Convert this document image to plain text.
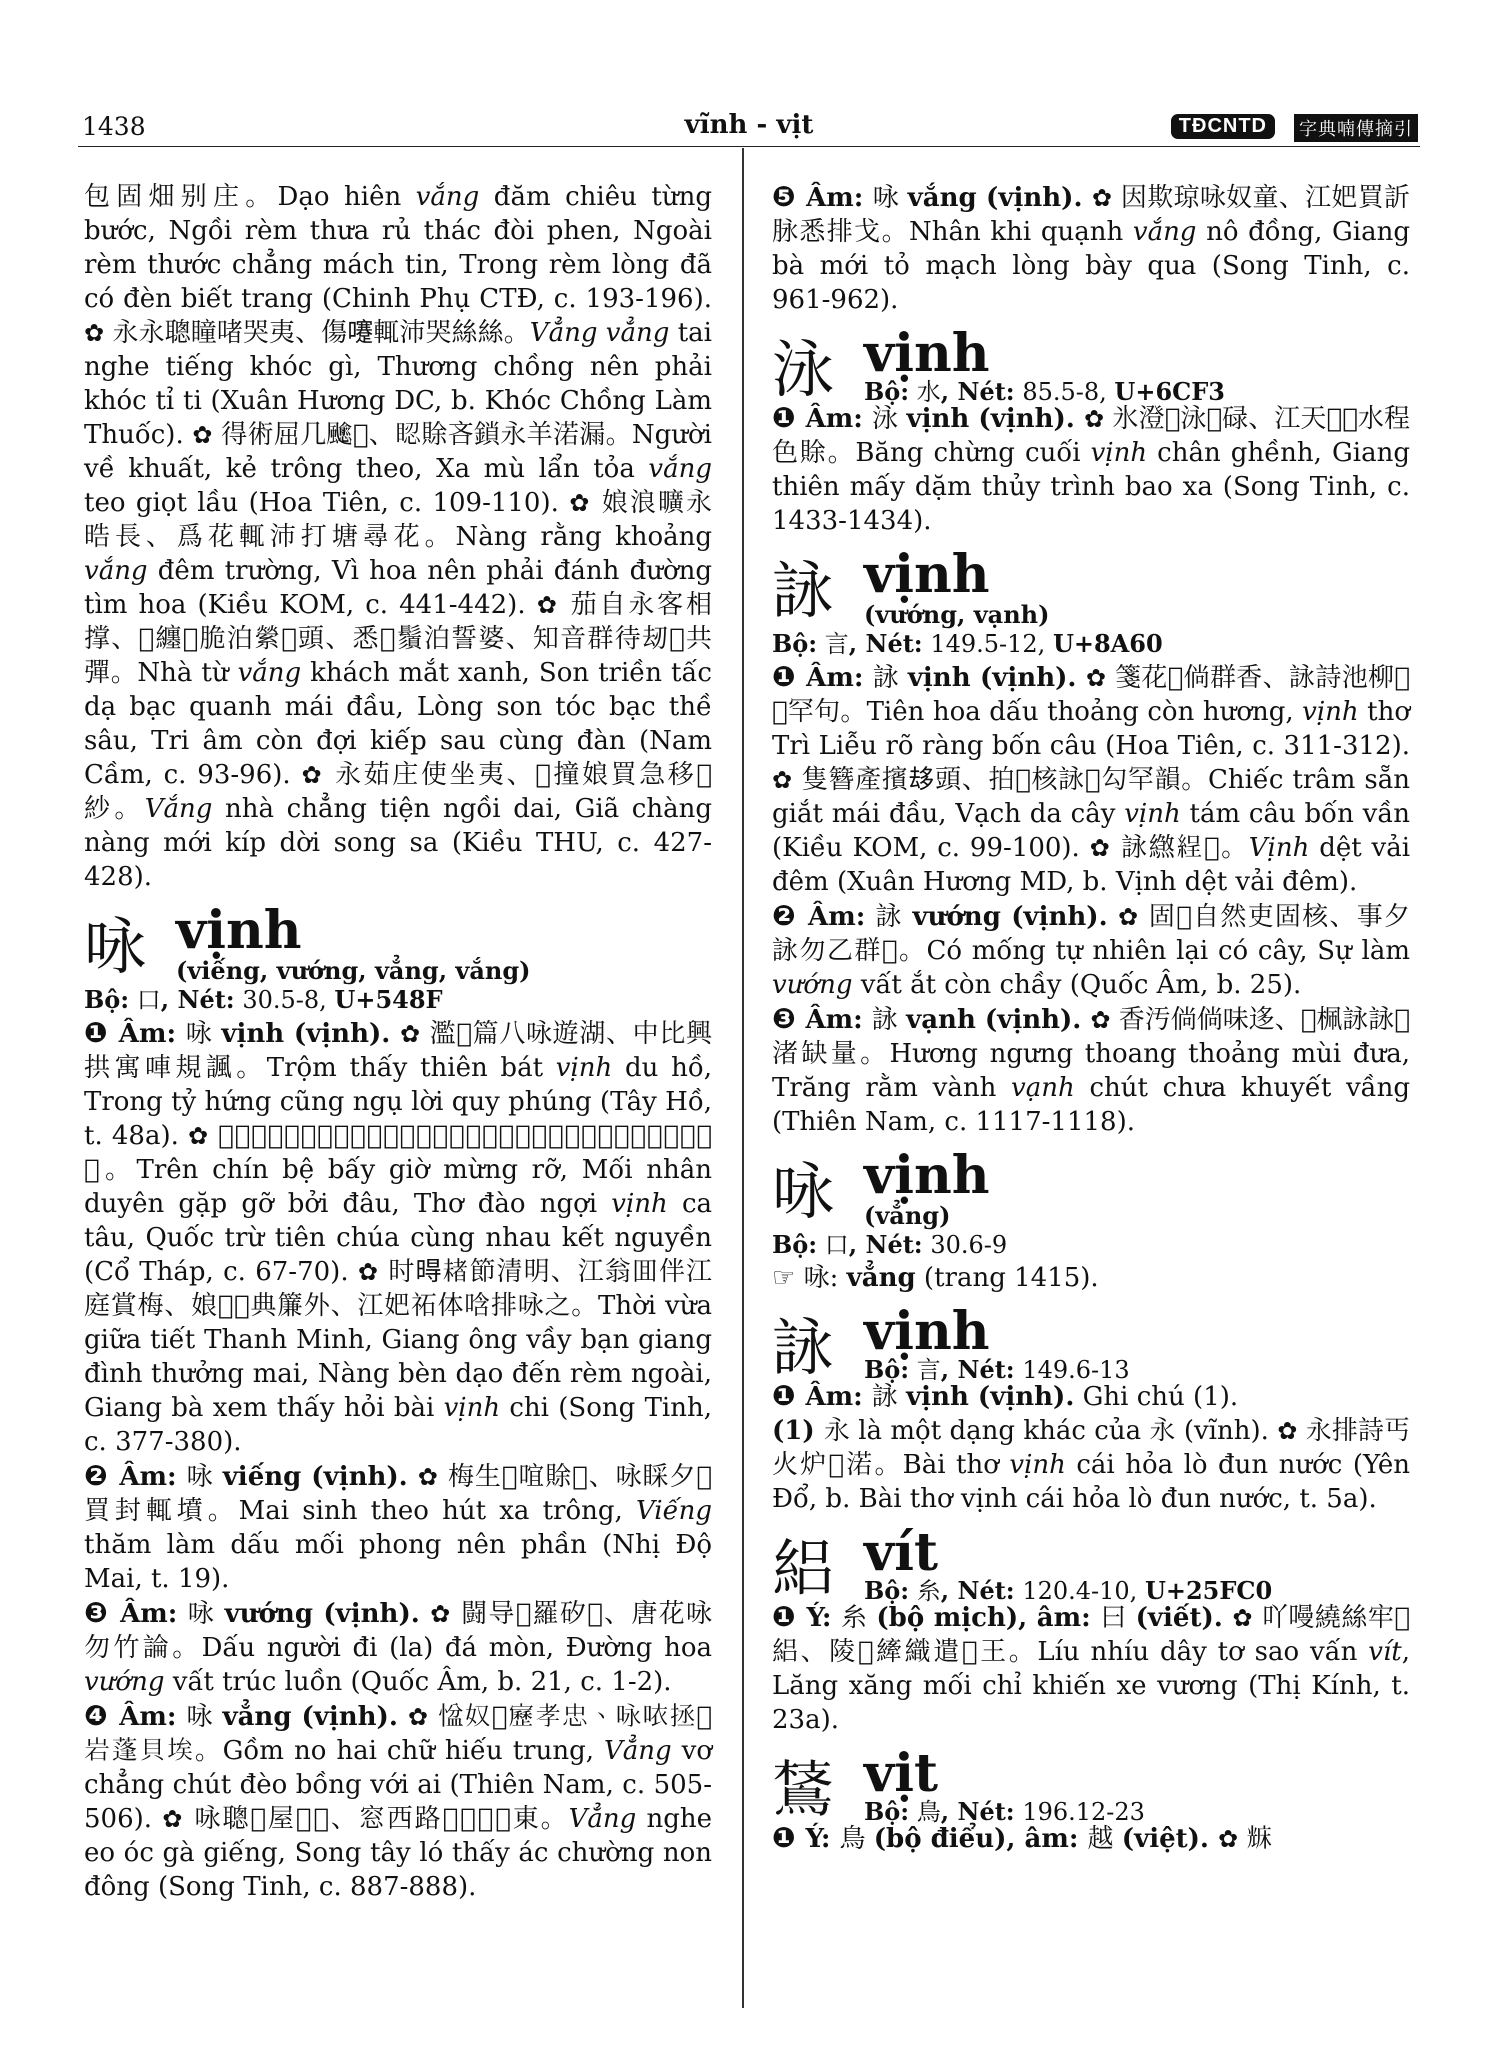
1438	vĩnh - vịt	TĐCNTD	字典喃傳摘引

包固畑别庄。Dạo hiên vắng đăm chiêu từng bước, Ngồi rèm thưa rủ thác đòi phen, Ngoài rèm thước chẳng mách tin, Trong rèm lòng đã có đèn biết trang (Chinh Phụ CTĐ, c. 193-196). ✿ 永永聰瞳啫哭夷、傷𡄓輒沛哭絲絲。Vẳng vẳng tai nghe tiếng khóc gì, Thương chồng nên phải khóc tỉ ti (Xuân Hương DC, b. Khóc Chồng Làm Thuốc). ✿ 得術屈几𩙍𨇒、𥆾賖吝鎖永羊渃漏。Người về khuất, kẻ trông theo, Xa mù lẩn tỏa vắng teo giọt lầu (Hoa Tiên, c. 109-110). ✿ 娘浪曠永晧長、爲花輒沛打塘尋花。Nàng rằng khoảng vắng đêm trường, Vì hoa nên phải đánh đường tìm hoa (Kiều KOM, c. 441-442). ✿ 茄自永客相撑、𡎝纏𤽸脆泊縈𠫾頭、悉𡎝鬚泊誓婆、知音群待刼𨍦共彈。Nhà từ vắng khách mắt xanh, Son triền tấc dạ bạc quanh mái đầu, Lòng son tóc bạc thề sâu, Tri âm còn đợi kiếp sau cùng đàn (Nam Cầm, c. 93-96). ✿ 永茹庄使坐夷、𠹾撞娘買急移𢭂紗。Vắng nhà chẳng tiện ngồi dai, Giã chàng nàng mới kíp dời song sa (Kiều THU, c. 427-428).

咏 vịnh
(viếng, vướng, vẳng, vắng)
Bộ: 口, Nét: 30.5-8, U+548F

❶ Âm: 咏 vịnh (vịnh). ✿ 濫𧡊篇八咏遊湖、中比興拱寓唓規諷。Trộm thấy thiên bát vịnh du hồ, Trong tỷ hứng cũng ngụ lời quy phúng (Tây Hồ, t. 48a). ✿ 𨖅𧞾陛閉除𢜠吕、緣姻緣及择𡎥𡎥、詩桃𧿨咏歌奏、國儲仙主共饒结願。Trên chín bệ bấy giờ mừng rỡ, Mối nhân duyên gặp gỡ bởi đâu, Thơ đào ngợi vịnh ca tâu, Quốc trừ tiên chúa cùng nhau kết nguyền (Cổ Tháp, c. 67-70). ✿ 时𣈜𣗓節清明、江翁囬伴江庭賞梅、娘𠁑𨀈典簾外、江妑祏体唅排咏之。Thời vừa giữa tiết Thanh Minh, Giang ông vầy bạn giang đình thưởng mai, Nàng bèn dạo đến rèm ngoài, Giang bà xem thấy hỏi bài vịnh chi (Song Tinh, c. 377-380).

❷ Âm: 咏 viếng (vịnh). ✿ 梅生𨇒𠵌賖𨇒、咏睬夕𨀈買封輒墳。Mai sinh theo hút xa trông, Viếng thăm làm dấu mối phong nên phần (Nhị Độ Mai, t. 19).

❸ Âm: 咏 vướng (vịnh). ✿ 闘导𢬣羅矽𤵺、唐花咏勿竹論。Dấu người đi (la) đá mòn, Đường hoa vướng vất trúc luồn (Quốc Âm, b. 21, c. 1-2).

❹ Âm: 咏 vẳng (vịnh). ✿ 𢞂奴𦓡𡫯孝忠、咏𠲖拯𡾵岩蓬貝埃。Gồm no hai chữ hiếu trung, Vẳng vơ chẳng chút đèo bồng với ai (Thiên Nam, c. 505-506). ✿ 咏聰𡗶屋𪃿𠊛、窓西路𧡊𪃿𡳵𡌿東。Vẳng nghe eo óc gà giếng, Song tây ló thấy ác chường non đông (Song Tinh, c. 887-888).

❺ Âm: 咏 vắng (vịnh). ✿ 因欺琼咏奴童、江妑買訢脉悉排戈。Nhân khi quạnh vắng nô đồng, Giang bà mới tỏ mạch lòng bày qua (Song Tinh, c. 961-962).

泳 vịnh
Bộ: 水, Nét: 85.5-8, U+6CF3

❶ Âm: 泳 vịnh (vịnh). ✿ 氷澄𩵜泳𨅹碌、江天𪓇𪓇水程色賖。Băng chừng cuối vịnh chân ghềnh, Giang thiên mấy dặm thủy trình bao xa (Song Tinh, c. 1433-1434).

詠 vịnh
(vướng, vạnh)
Bộ: 言, Nét: 149.5-12, U+8A60

❶ Âm: 詠 vịnh (vịnh). ✿ 箋花𨀈倘群香、詠詩池柳𤈜𤂬罕句。Tiên hoa dấu thoảng còn hương, vịnh thơ Trì Liễu rõ ràng bốn câu (Hoa Tiên, c. 311-312). ✿ 隻簪產擯𠫾頭、拍𦛌核詠𢶸勾罕韻。Chiếc trâm sẵn giắt mái đầu, Vạch da cây vịnh tám câu bốn vần (Kiều KOM, c. 99-100). ✿ 詠繺𦀚𣉹。Vịnh dệt vải đêm (Xuân Hương MD, b. Vịnh dệt vải đêm).

❷ Âm: 詠 vướng (vịnh). ✿ 固𠰳自然吏固核、事夕詠勿乙群𨅸。Có mống tự nhiên lại có cây, Sự làm vướng vất ắt còn chầy (Quốc Âm, b. 25).

❸ Âm: 詠 vạnh (vịnh). ✿ 香汚倘倘味迻、𦝄𣑲詠詠𨤮渚缺量。Hương ngưng thoang thoảng mùi đưa, Trăng rằm vành vạnh chút chưa khuyết vầng (Thiên Nam, c. 1117-1118).

咏 vịnh
(vẳng)
Bộ: 口, Nét: 30.6-9

☞ 咏: vẳng (trang 1415).

詠 vịnh
Bộ: 言, Nét: 149.6-13

❶ Âm: 詠 vịnh (vịnh). Ghi chú (1).

(1) 永 là một dạng khác của 永 (vĩnh). ✿ 永排詩丐火炉𤈜渃。Bài thơ vịnh cái hỏa lò đun nước (Yên Đổ, b. Bài thơ vịnh cái hỏa lò đun nước, t. 5a).

絽 vít
Bộ: 糸, Nét: 120.4-10, U+25FC0

❶ Ý: 糸 (bộ mịch), âm: 曰 (viết). ✿ 吖𠼦繞絲牢𠳨絽、陵𠱤縴織遣𦀎王。Líu nhíu dây tơ sao vấn vít, Lăng xăng mối chỉ khiến xe vương (Thị Kính, t. 23a).

𪂅 vịt
Bộ: 鳥, Nét: 196.12-23

❶ Ý: 鳥 (bộ điểu), âm: 越 (việt). ✿ 𠒥
